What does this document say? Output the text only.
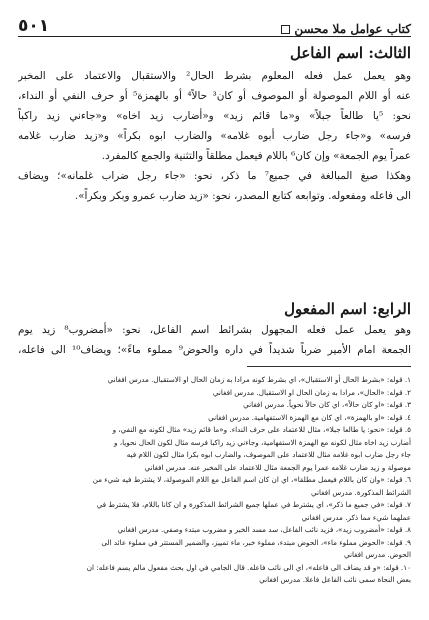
كتاب عوامل ملا محسن
٥٠١
الثالث: اسم الفاعل
وهو يعمل عمل فعله المعلوم بشرط الحال² والاستقبال والاعتماد على المخبر
عنه أو اللام الموصولة أو الموصوف أو كان³ حالاً⁴ أو بالهمزة⁵ أو حرف النفي أو النداء،
نحو: ⁵يا طالعاً جبلاً» و«ما قائم زيد» و«أضارب زيد اخاه» و«جاءني زيد راكباً
فرسه» و«جاء رجل ضارب أبوه غلامه» والضارب ابوه بكراً» و«زيد ضارب غلامه
عمراً يوم الجمعة» وإن كان⁶ باللام فيعمل مطلقاً والتثنية والجمع كالمفرد.
وهكذا صيغ المبالغة في جميع⁷ ما ذكر، نحو: «جاء رجل ضراب غلمانه»؛ ويضاف
الى فاعله ومفعوله. وتوابعه كتابع المصدر، نحو: «زيد ضارب عمرو وبكر وبكراً».
الرابع: اسم المفعول
وهو يعمل عمل فعله المجهول بشرائط اسم الفاعل، نحو: «أمضروب⁸ زيد يوم
الجمعة امام الأمير ضرباً شديداً في داره والحوض⁹ مملوء ماءً»؛ ويضاف¹⁰ الى فاعله،
١. قوله: «بشرط الحال أو الاستقبال»، اي بشرط كونه مرادا به زمان الحال او الاستقبال. مدرس افغاني
٢. قوله: «الحال»، مرادا به زمان الحال او الاستقبال. مدرس افغاني
٣. قوله: «او كان حالاً»، اي كان حالاً نحوياً. مدرس افغاني
٤. قوله: «او بالهمزة»، اي كان مع الهمزة الاستفهامية. مدرس افغاني
٥. قوله: «نحو: يا طالعا جبلا»، مثال للاعتماد على حرف النداء. و«ما قائم زيد» مثال لكونه مع النفي، و
أضارب زيد اخاه مثال لكونه مع الهمزة الاستفهامية، وجاءني زيد راكبا فرسه مثال لكون الحال نحويا، و
جاء رجل ضارب ابوه غلامه مثال للاعتماد على الموصوف، والضارب ابوه بكرا مثال لكون اللام فيه
موصولة و زيد ضارب غلامه عمرا يوم الجمعة مثال للاعتماد على المخبر عنه. مدرس افغاني
٦. قوله: «وان كان باللام فيعمل مطلقا»، اي ان كان اسم الفاعل مع اللام الموصولة، لا يشترط فيه شيء من
الشرائط المذكورة. مدرس افغاني
٧. قوله: «في جميع ما ذكر»، اي يشترط في عملها جميع الشرائط المذكورة و ان كانا باللام، فلا يشترط في
عملهما شيء مما ذكر. مدرس افغاني
٨. قوله: «أمضروب زيد»، فزيد نائب الفاعل، سد مسد الخبر و مضروب مبتدء وصفي. مدرس افغاني
٩. قوله: «الحوض مملوء ماء»، الحوض مبتدء، مملوء خبر، ماء تمييز، والضمير المستتر في مملوء عائد الى
الحوض. مدرس افغاني
١٠. قوله: «و قد يضاف الى فاعله»، اي الى نائب فاعله. قال الجامي في اول بحث مفعول مالم يسم فاعله: ان
بعض النحاة سمى نائب الفاعل فاعلا. مدرس افغاني
